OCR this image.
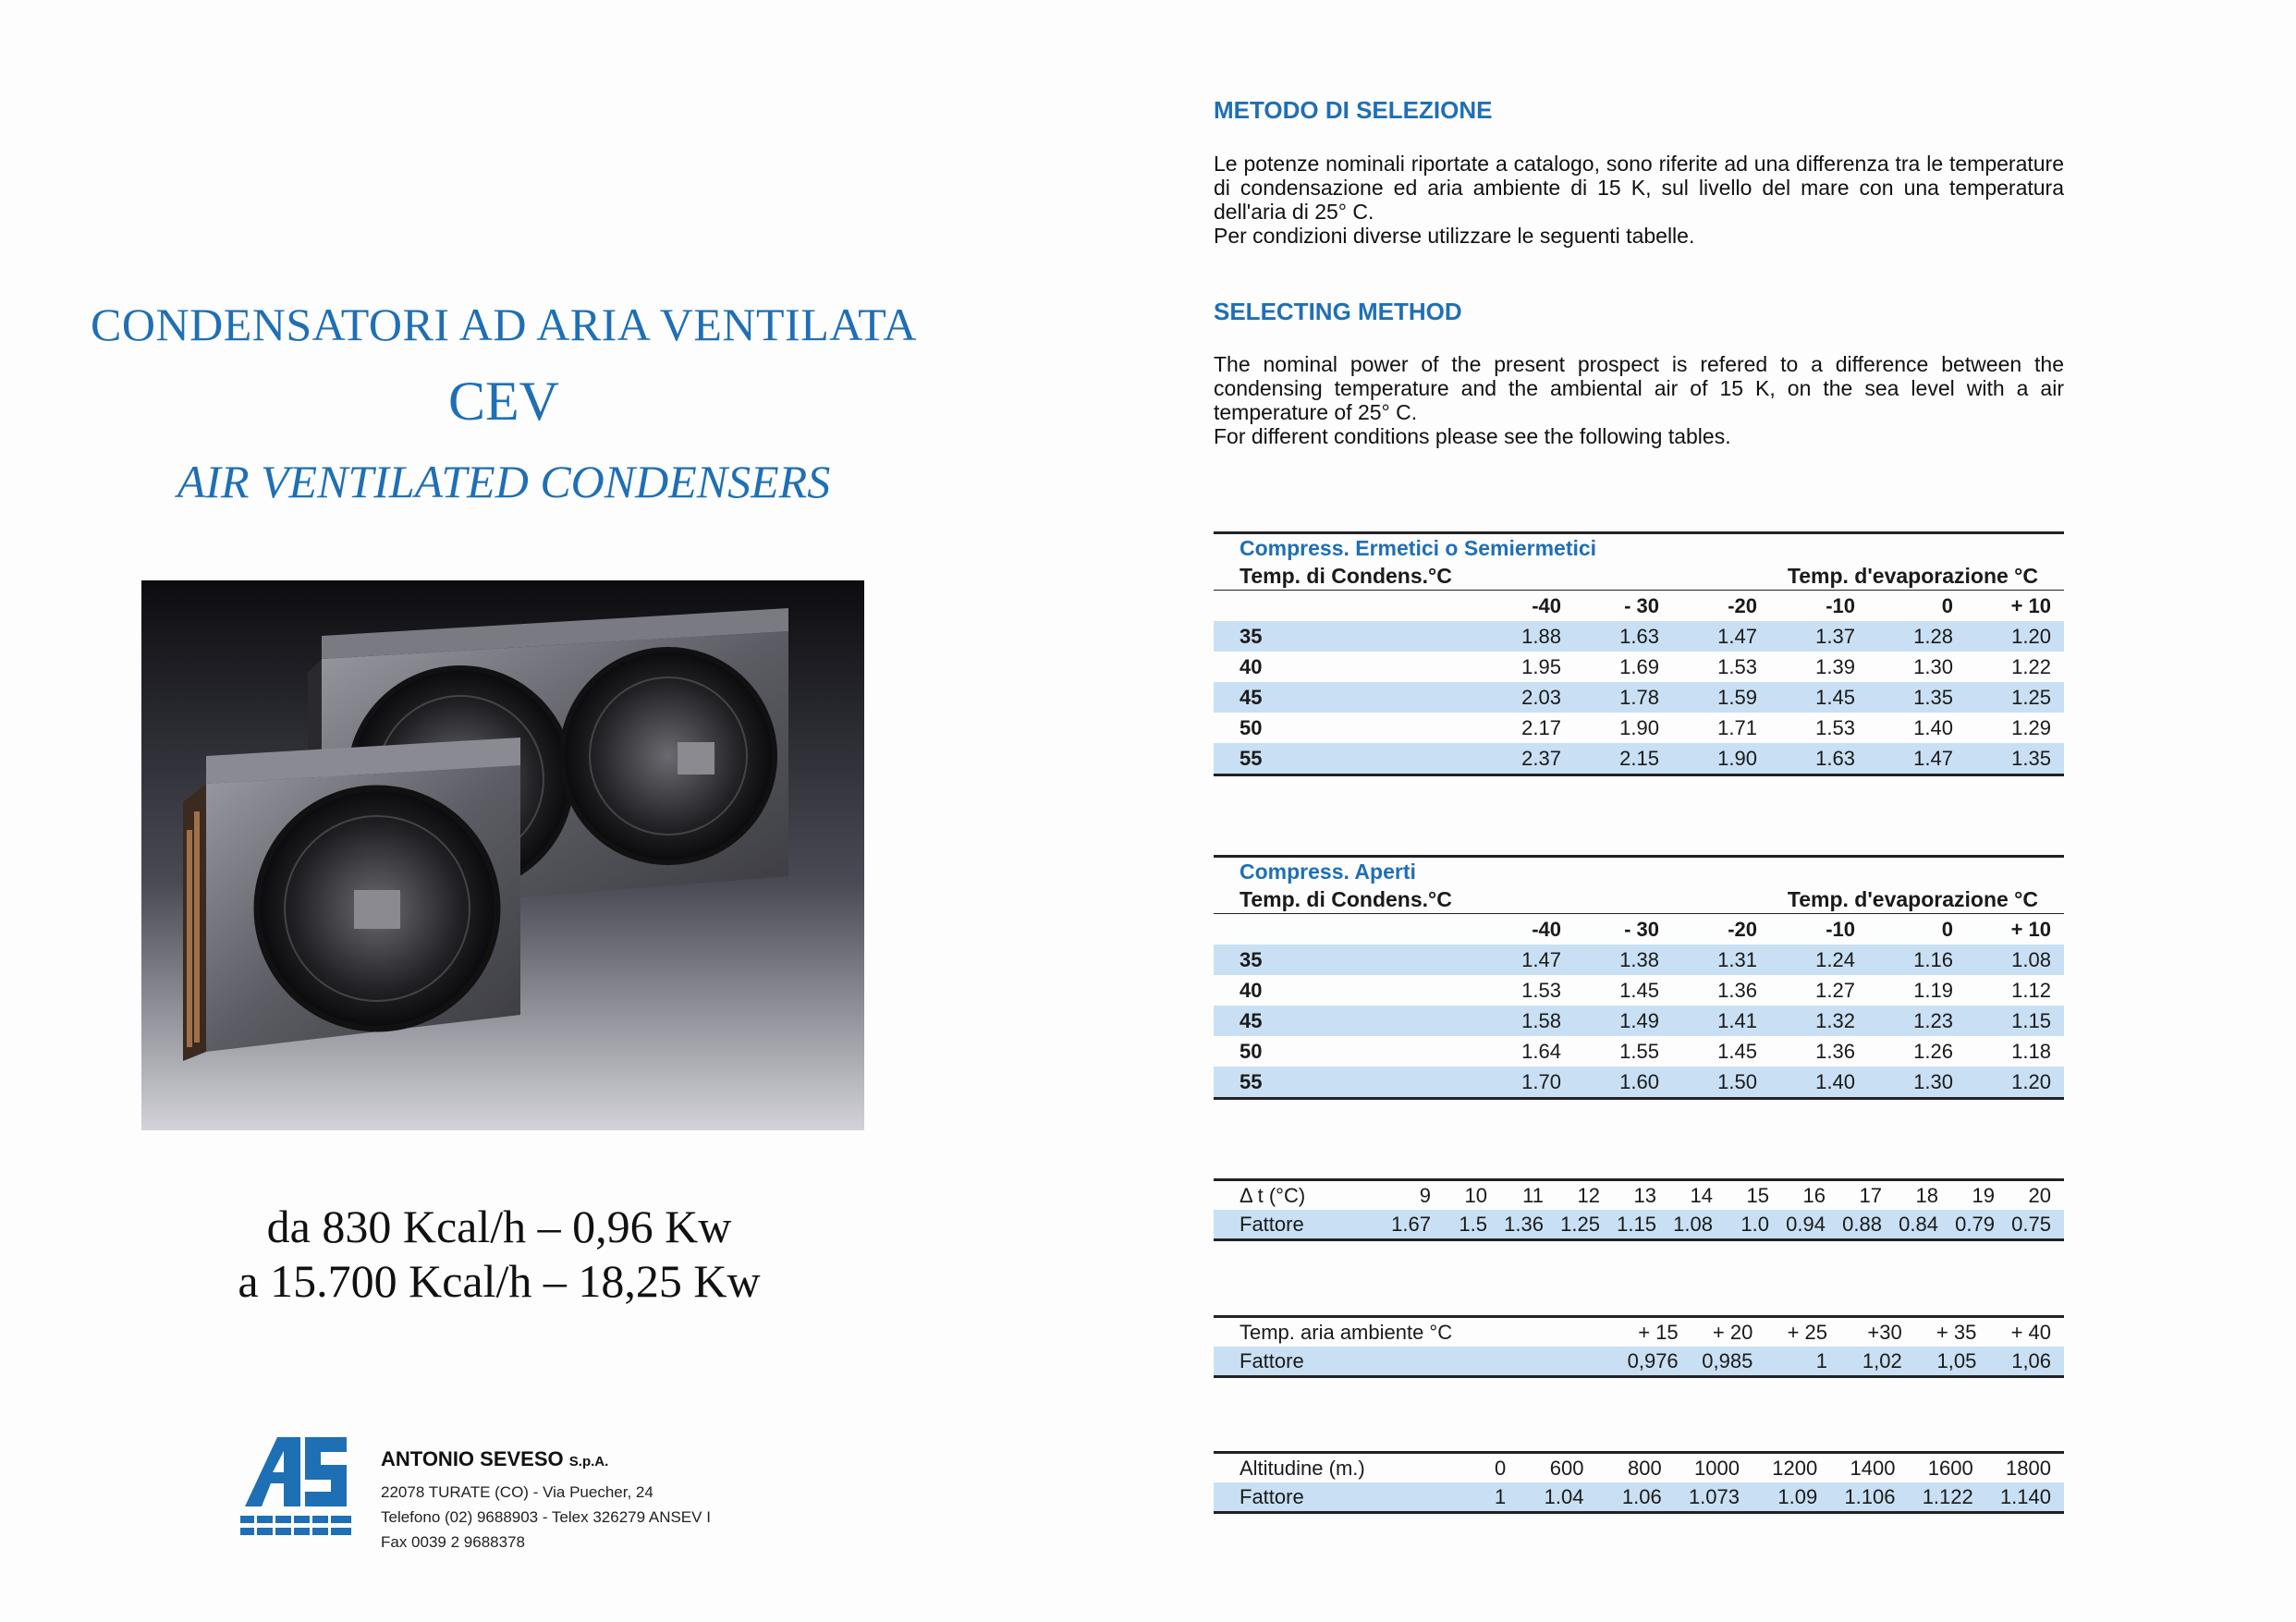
CONDENSATORI AD ARIA VENTILATA
CEV
AIR VENTILATED CONDENSERS
da 830 Kcal/h – 0,96 Kw
a 15.700 Kcal/h – 18,25 Kw
ANTONIO SEVESO S.p.A.
22078 TURATE (CO) - Via Puecher, 24
Telefono (02) 9688903 - Telex 326279 ANSEV I
Fax 0039 2 9688378
METODO DI SELEZIONE
Le potenze nominali riportate a catalogo, sono riferite ad una differenza tra le temperature di condensazione ed aria ambiente di 15 K, sul livello del mare con una temperatura dell'aria di 25° C.
Per condizioni diverse utilizzare le seguenti tabelle.
SELECTING METHOD
The nominal power of the present prospect is refered to a difference between the condensing temperature and the ambiental air of 15 K, on the sea level with a air temperature of 25° C.
For different conditions please see the following tables.
Compress. Ermetici o Semiermetici
Temp. di Condens.°C	Temp. d'evaporazione °C
-40	- 30	-20	-10	0	+ 10
35	1.88	1.63	1.47	1.37	1.28	1.20
40	1.95	1.69	1.53	1.39	1.30	1.22
45	2.03	1.78	1.59	1.45	1.35	1.25
50	2.17	1.90	1.71	1.53	1.40	1.29
55	2.37	2.15	1.90	1.63	1.47	1.35
Compress. Aperti
Temp. di Condens.°C	Temp. d'evaporazione °C
-40	- 30	-20	-10	0	+ 10
35	1.47	1.38	1.31	1.24	1.16	1.08
40	1.53	1.45	1.36	1.27	1.19	1.12
45	1.58	1.49	1.41	1.32	1.23	1.15
50	1.64	1.55	1.45	1.36	1.26	1.18
55	1.70	1.60	1.50	1.40	1.30	1.20
Δ t (°C)	9	10	11	12	13	14	15	16	17	18	19	20
Fattore	1.67	1.5 1.36 1.25 1.15 1.08	1.0 0.94 0.88 0.84 0.79 0.75
Temp. aria ambiente °C	+ 15	+ 20	+ 25	+30	+ 35	+ 40
Fattore	0,976	0,985	1	1,02	1,05	1,06
Altitudine (m.)	0	600	800	1000	1200	1400	1600	1800
Fattore	1	1.04	1.06	1.073	1.09	1.106	1.122	1.140
